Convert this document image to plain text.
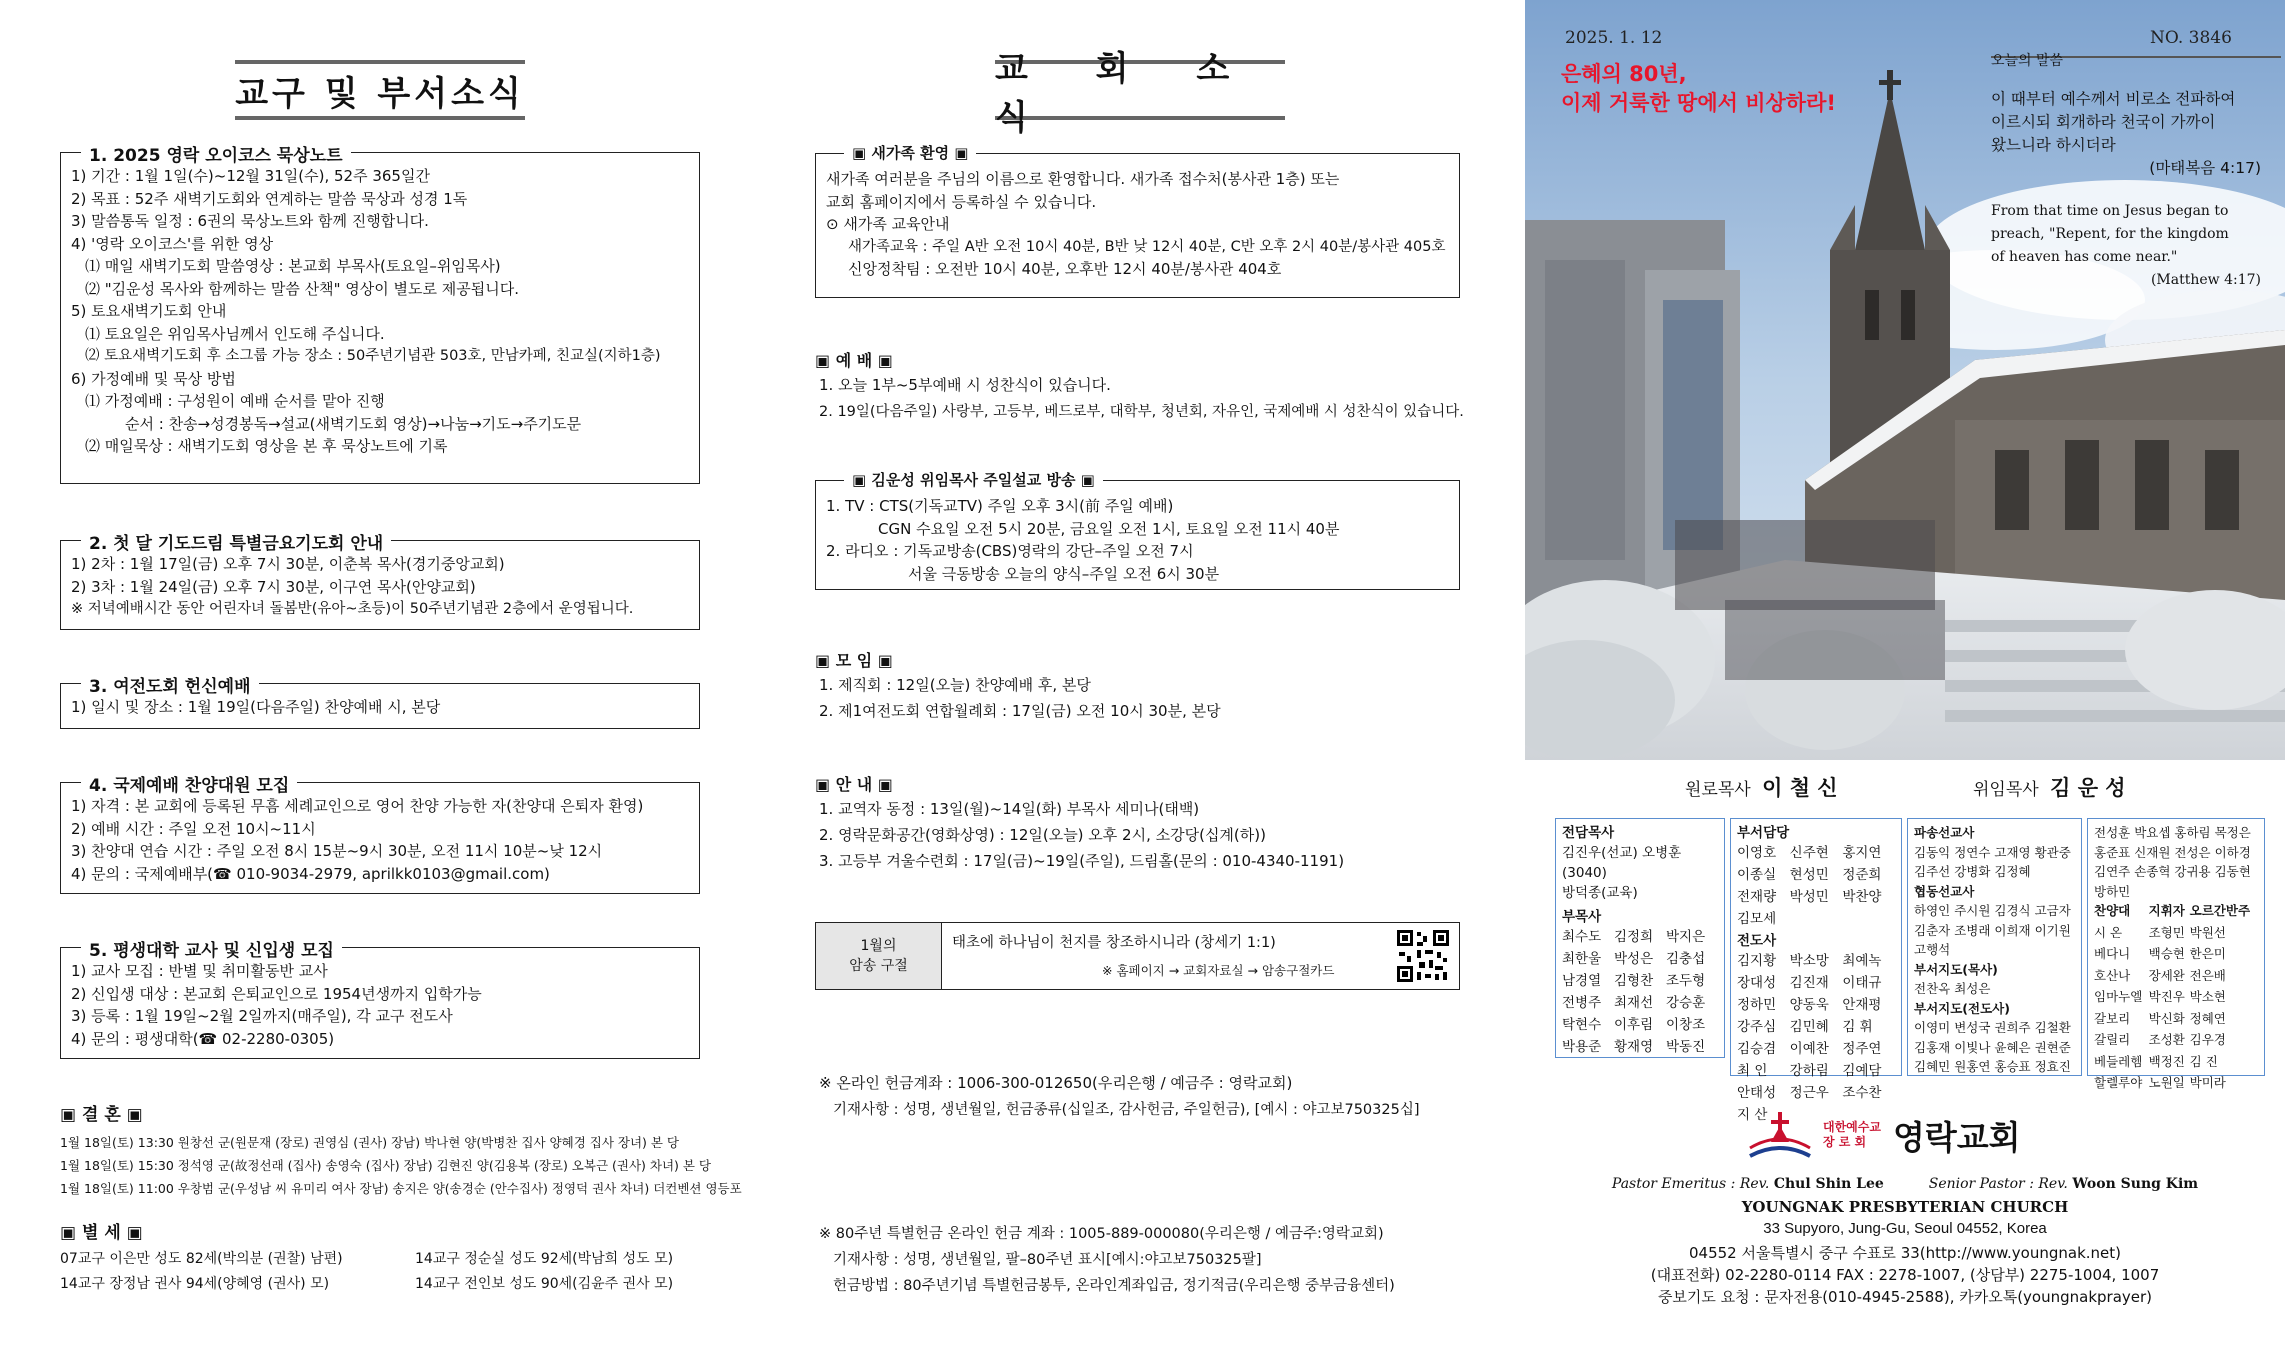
교구 및 부서소식
1. 2025 영락 오이코스 묵상노트
1) 기간 : 1월 1일(수)~12월 31일(수), 52주 365일간
2) 목표 : 52주 새벽기도회와 연계하는 말씀 묵상과 성경 1독
3) 말씀통독 일정 : 6권의 묵상노트와 함께 진행합니다.
4) '영락 오이코스'를 위한 영상
⑴ 매일 새벽기도회 말씀영상 : 본교회 부목사(토요일–위임목사)
⑵ "김운성 목사와 함께하는 말씀 산책" 영상이 별도로 제공됩니다.
5) 토요새벽기도회 안내
⑴ 토요일은 위임목사님께서 인도해 주십니다.
⑵ 토요새벽기도회 후 소그룹 가능 장소 : 50주년기념관 503호, 만남카페, 친교실(지하1층)
6) 가정예배 및 묵상 방법
⑴ 가정예배 : 구성원이 예배 순서를 맡아 진행
순서 : 찬송→성경봉독→설교(새벽기도회 영상)→나눔→기도→주기도문
⑵ 매일묵상 : 새벽기도회 영상을 본 후 묵상노트에 기록
2. 첫 달 기도드림 특별금요기도회 안내
1) 2차 : 1월 17일(금) 오후 7시 30분, 이춘복 목사(경기중앙교회)
2) 3차 : 1월 24일(금) 오후 7시 30분, 이구연 목사(안양교회)
※ 저녁예배시간 동안 어린자녀 돌봄반(유아~초등)이 50주년기념관 2층에서 운영됩니다.
3. 여전도회 헌신예배
1) 일시 및 장소 : 1월 19일(다음주일) 찬양예배 시, 본당
4. 국제예배 찬양대원 모집
1) 자격 : 본 교회에 등록된 무흠 세례교인으로 영어 찬양 가능한 자(찬양대 은퇴자 환영)
2) 예배 시간 : 주일 오전 10시~11시
3) 찬양대 연습 시간 : 주일 오전 8시 15분~9시 30분, 오전 11시 10분~낮 12시
4) 문의 : 국제예배부(☎ 010-9034-2979, aprilkk0103@gmail.com)
5. 평생대학 교사 및 신입생 모집
1) 교사 모집 : 반별 및 취미활동반 교사
2) 신입생 대상 : 본교회 은퇴교인으로 1954년생까지 입학가능
3) 등록 : 1월 19일~2월 2일까지(매주일), 각 교구 전도사
4) 문의 : 평생대학(☎ 02-2280-0305)
▣ 결 혼 ▣
1월 18일(토) 13:30 원창선 군(원문재 (장로) 권영심 (권사) 장남) 박나현 양(박병찬 집사 양혜경 집사 장녀) 본 당
1월 18일(토) 15:30 정석영 군(故정선래 (집사) 송영숙 (집사) 장남) 김현진 양(김용복 (장로) 오복근 (권사) 차녀) 본 당
1월 18일(토) 11:00 우창범 군(우성남 씨 유미리 여사 장남) 송지은 양(송경순 (안수집사) 정영덕 권사 차녀) 더컨벤션 영등포
▣ 별 세 ▣
07교구 이은만 성도 82세(박의분 (권찰) 남편)	14교구 정순실 성도 92세(박남희 성도 모)
14교구 장정남 권사 94세(양혜영 (권사) 모)	14교구 전인보 성도 90세(김윤주 권사 모)
교 회 소 식
▣ 새가족 환영 ▣
새가족 여러분을 주님의 이름으로 환영합니다. 새가족 접수처(봉사관 1층) 또는
교회 홈페이지에서 등록하실 수 있습니다.
⊙ 새가족 교육안내
새가족교육 : 주일 A반 오전 10시 40분, B반 낮 12시 40분, C반 오후 2시 40분/봉사관 405호
신앙정착팀 : 오전반 10시 40분, 오후반 12시 40분/봉사관 404호
▣ 예 배 ▣
1. 오늘 1부~5부예배 시 성찬식이 있습니다.
2. 19일(다음주일) 사랑부, 고등부, 베드로부, 대학부, 청년회, 자유인, 국제예배 시 성찬식이 있습니다.
▣ 김운성 위임목사 주일설교 방송 ▣
1. TV : CTS(기독교TV) 주일 오후 3시(前 주일 예배)
CGN 수요일 오전 5시 20분, 금요일 오전 1시, 토요일 오전 11시 40분
2. 라디오 : 기독교방송(CBS)영락의 강단–주일 오전 7시
서울 극동방송 오늘의 양식–주일 오전 6시 30분
▣ 모 임 ▣
1. 제직회 : 12일(오늘) 찬양예배 후, 본당
2. 제1여전도회 연합월례회 : 17일(금) 오전 10시 30분, 본당
▣ 안 내 ▣
1. 교역자 동정 : 13일(월)~14일(화) 부목사 세미나(태백)
2. 영락문화공간(영화상영) : 12일(오늘) 오후 2시, 소강당(십계(하))
3. 고등부 겨울수련회 : 17일(금)~19일(주일), 드림홀(문의 : 010-4340-1191)
1월의
암송 구절
태초에 하나님이 천지를 창조하시니라 (창세기 1:1)
※ 홈페이지 → 교회자료실 → 암송구절카드
※ 온라인 헌금계좌 : 1006-300-012650(우리은행 / 예금주 : 영락교회)
기재사항 : 성명, 생년월일, 헌금종류(십일조, 감사헌금, 주일헌금), [예시 : 야고보750325십]
※ 80주년 특별헌금 온라인 헌금 계좌 : 1005-889-000080(우리은행 / 예금주:영락교회)
기재사항 : 성명, 생년월일, 팔–80주년 표시[예시:야고보750325팔]
헌금방법 : 80주년기념 특별헌금봉투, 온라인계좌입금, 정기적금(우리은행 중부금융센터)
2025. 1. 12	NO. 3846
은혜의 80년,
이제 거룩한 땅에서 비상하라!
오늘의 말씀
이 때부터 예수께서 비로소 전파하여
이르시되 회개하라 천국이 가까이
왔느니라 하시더라
(마태복음 4:17)
From that time on Jesus began to
preach, "Repent, for the kingdom
of heaven has come near."
(Matthew 4:17)
원로목사 이 철 신	위임목사 김 운 성
전담목사
김진우(선교) 오병훈(3040)
방덕종(교육)
부목사
최수도	김정희	박지은
최한울	박성은	김충섭
남경열	김형찬	조두형
전병주	최재선	강승훈
탁현수	이후림	이창조
박용준	황재영	박동진
부서담당
이영호	신주현	홍지연
이종실	현성민	정준희
전재량	박성민	박찬양
김모세		
전도사
김지황	박소망	최예녹
장대성	김진재	이태규
정하민	양동욱	안재평
강주심	김민혜	김 휘
김승겸	이예찬	정주연
최 인	강하림	김예담
안태성	정근우	조수찬
지 산		
파송선교사
김동익 정연수 고재영 황관중
김주선 강병화 김정혜
협동선교사
하영인 주시원 김경식 고금자
김춘자 조병래 이희재 이기원
고행석
부서지도(목사)
전찬옥 최성은
부서지도(전도사)
이영미 변성국 권희주 김철환
김홍재 이빛나 윤혜은 권현준
김혜민 원홍연 홍승표 정효진
전성훈 박요셉 홍하림 목정은
홍준표 신재원 전성은 이하경
김연주 손종혁 강귀용 김동현
방하민
찬양대	지휘자	오르간반주
시 온	조형민	박원선
베다니	백승현	한은미
호산나	장세완	전은배
임마누엘	박진우	박소현
갈보리	박신화	정혜연
갈릴리	조성환	김우경
베들레헴	백정진	김 진
할렐루야	노원일	박미라
대한예수교
장 로 회 영락교회
Pastor Emeritus : Rev. Chul Shin Lee	Senior Pastor : Rev. Woon Sung Kim
YOUNGNAK PRESBYTERIAN CHURCH
33 Supyoro, Jung-Gu, Seoul 04552, Korea
04552 서울특별시 중구 수표로 33(http://www.youngnak.net)
(대표전화) 02-2280-0114 FAX : 2278-1007, (상담부) 2275-1004, 1007
중보기도 요청 : 문자전용(010-4945-2588), 카카오톡(youngnakprayer)
